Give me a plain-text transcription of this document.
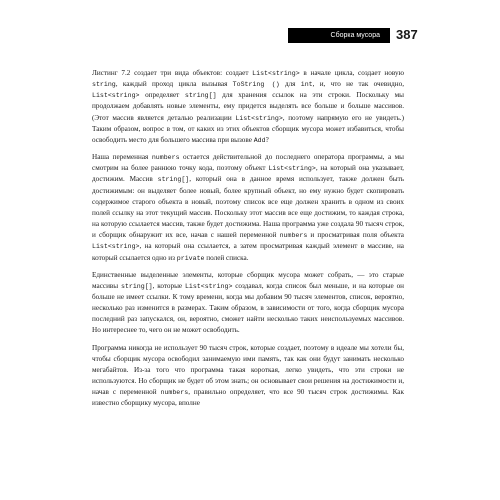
Сборка мусора	387

Листинг 7.2 создает три вида объектов: создает List<string> в начале цикла, создает новую string, каждый проход цикла вызывая ToString () для int, и, что не так очевидно, List<string> определяет string[] для хранения ссылок на эти строки. Поскольку мы продолжаем добавлять новые элементы, ему придется выделять все больше и больше массивов. (Этот массив является деталью реализации List<string>, поэтому напрямую его не увидеть.) Таким образом, вопрос в том, от каких из этих объектов сборщик мусора может избавиться, чтобы освободить место для большего массива при вызове Add?

Наша переменная numbers остается действительной до последнего оператора программы, а мы смотрим на более раннюю точку кода, поэтому объект List<string>, на который она указывает, достижим. Массив string[], который она в данное время использует, также должен быть достижимым: он выделяет более новый, более крупный объект, но ему нужно будет скопировать содержимое старого объекта в новый, поэтому список все еще должен хранить в одном из своих полей ссылку на этот текущий массив. Поскольку этот массив все еще достижим, то каждая строка, на которую ссылается массив, также будет достижима. Наша программа уже создала 90 тысяч строк, и сборщик обнаружит их все, начав с нашей переменной numbers и просматривая поля объекта List<string>, на который она ссылается, а затем просматривая каждый элемент в массиве, на который ссылается одно из private полей списка.

Единственные выделенные элементы, которые сборщик мусора может собрать, — это старые массивы string[], которые List<string> создавал, когда список был меньше, и на которые он больше не имеет ссылки. К тому времени, когда мы добавим 90 тысяч элементов, список, вероятно, несколько раз изменится в размерах. Таким образом, в зависимости от того, когда сборщик мусора последний раз запускался, он, вероятно, сможет найти несколько таких неиспользуемых массивов. Но интереснее то, чего он не может освободить.

Программа никогда не использует 90 тысяч строк, которые создает, поэтому в идеале мы хотели бы, чтобы сборщик мусора освободил занимаемую ими память, так как они будут занимать несколько мегабайтов. Из-за того что программа такая короткая, легко увидеть, что эти строки не используются. Но сборщик не будет об этом знать; он основывает свои решения на достижимости и, начав с переменной numbers, правильно определяет, что все 90 тысяч строк достижимы. Как известно сборщику мусора, вполне
